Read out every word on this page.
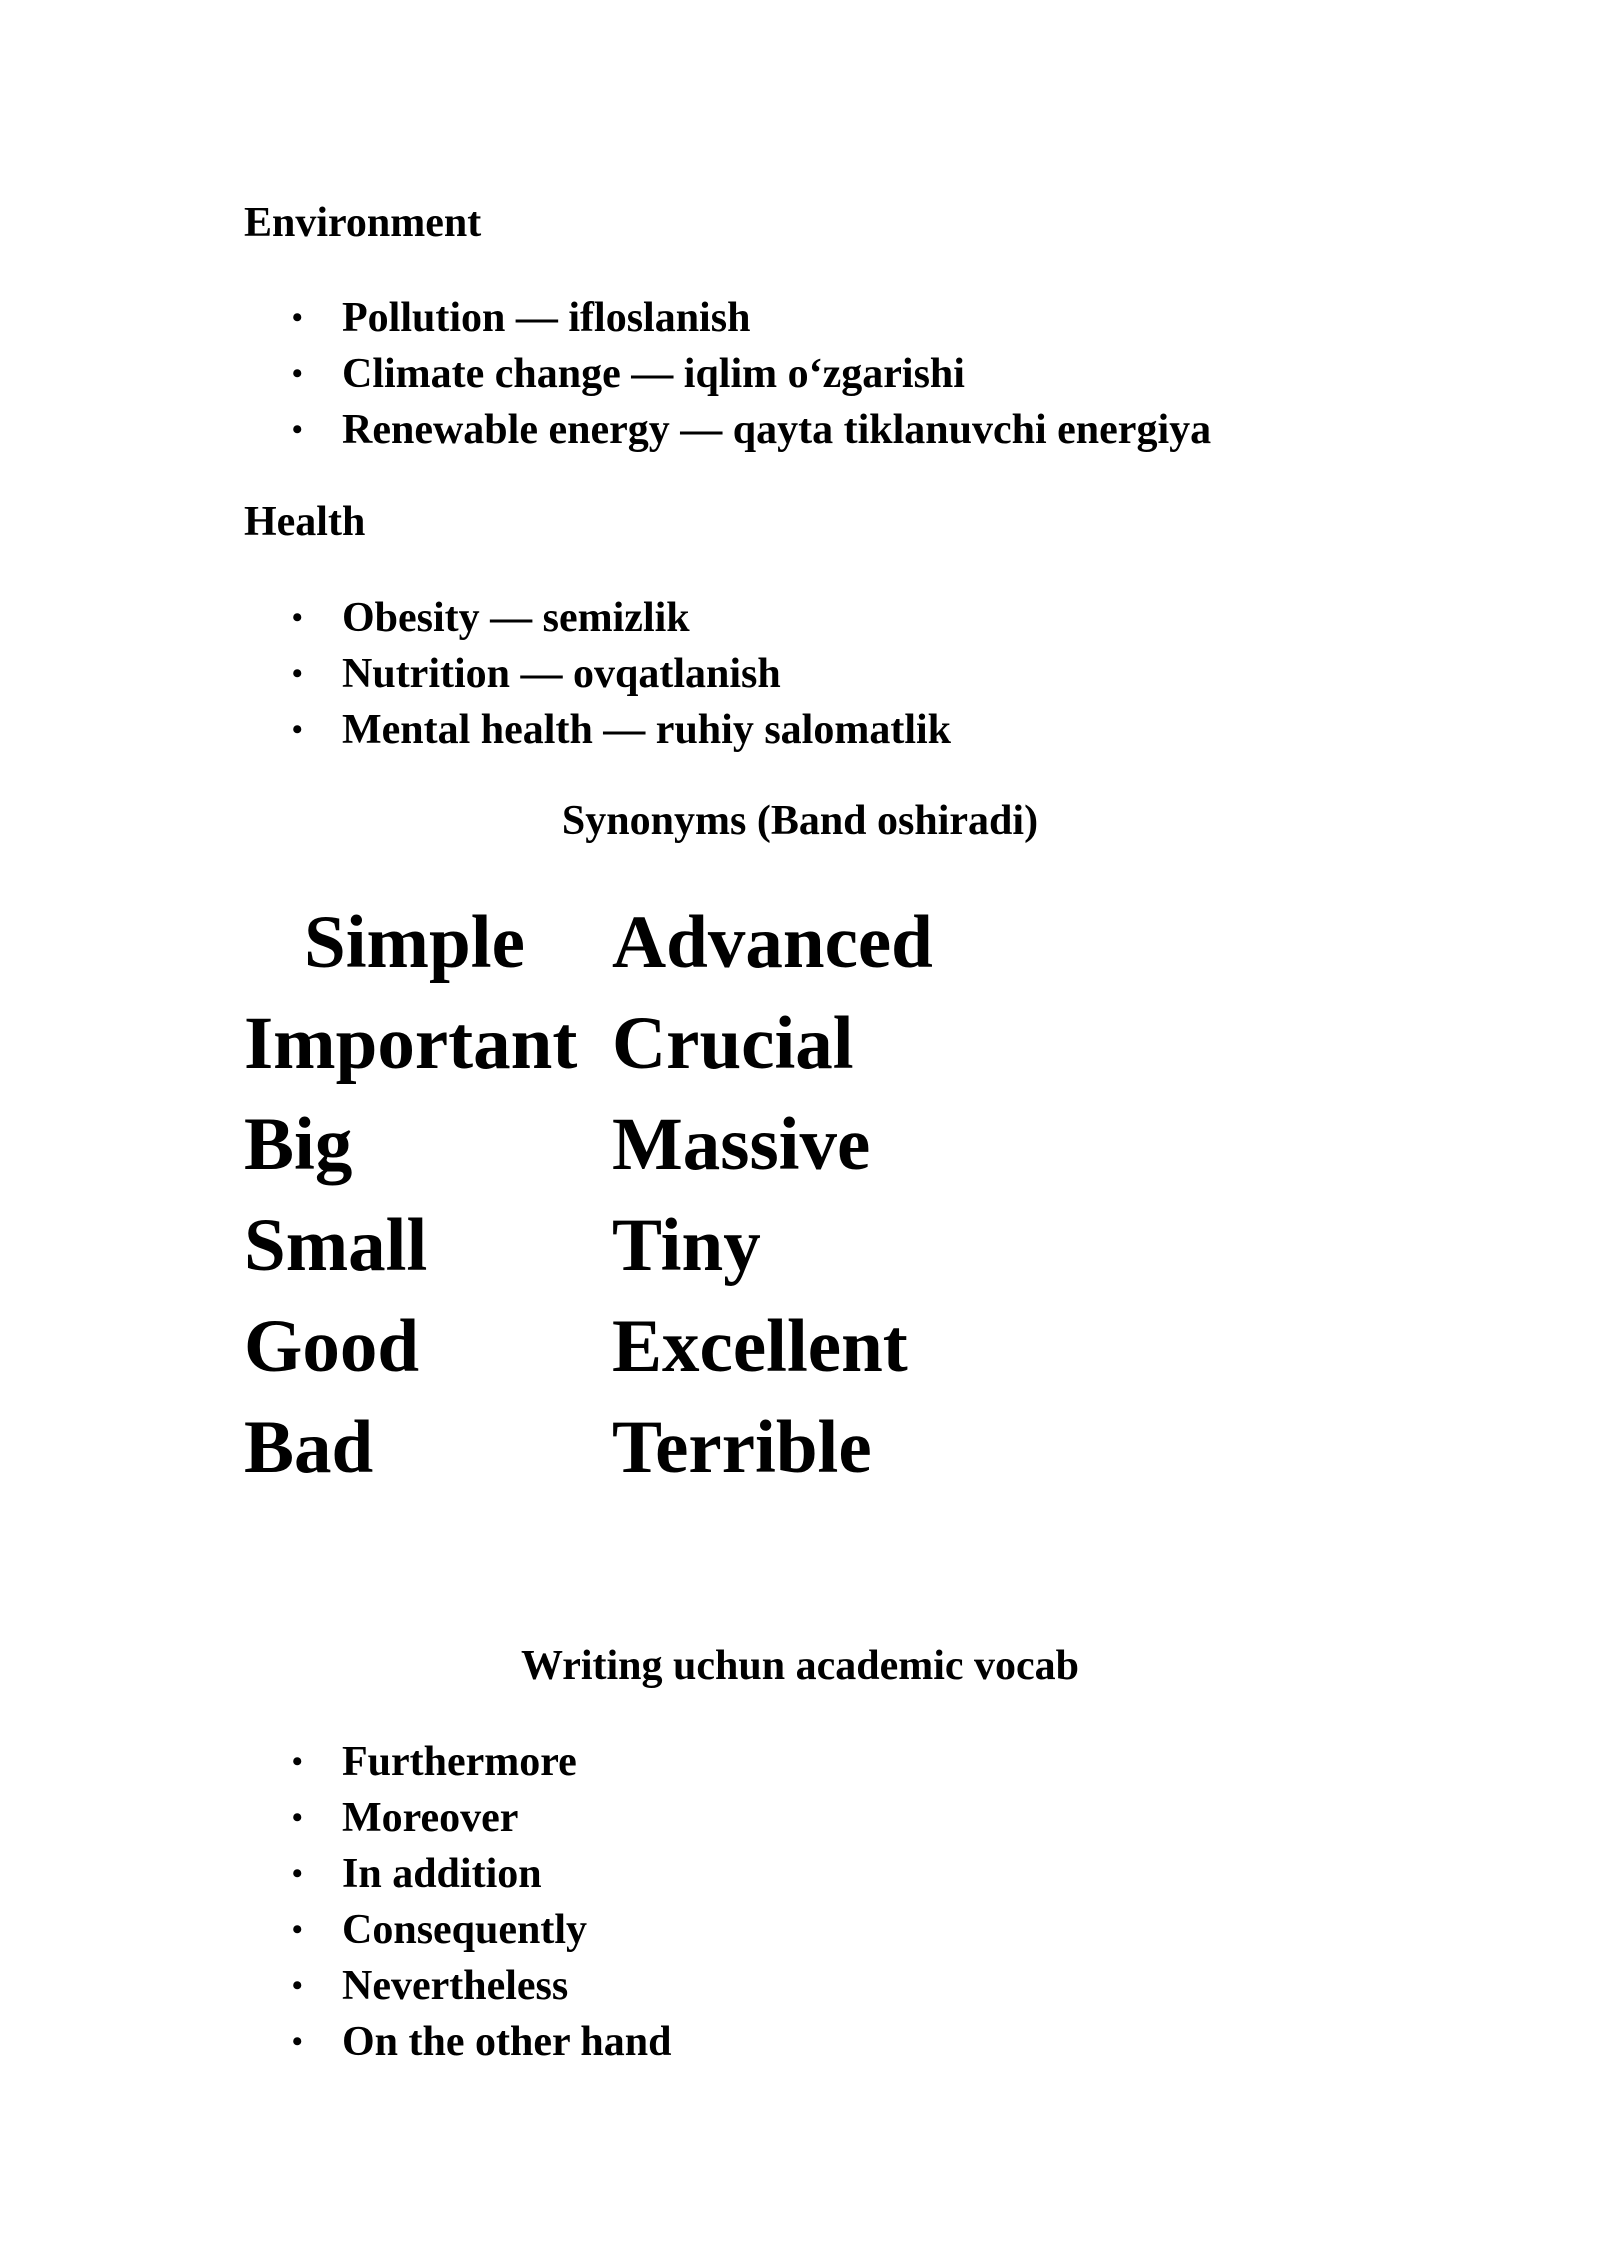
Environment
• Pollution — ifloslanish
• Climate change — iqlim o‘zgarishi
• Renewable energy — qayta tiklanuvchi energiya
Health
• Obesity — semizlik
• Nutrition — ovqatlanish
• Mental health — ruhiy salomatlik
Synonyms (Band oshiradi)
Simple	Advanced
Important Crucial
Big	Massive
Small	Tiny
Good	Excellent
Bad	Terrible
Writing uchun academic vocab
• Furthermore
• Moreover
• In addition
• Consequently
• Nevertheless
• On the other hand
